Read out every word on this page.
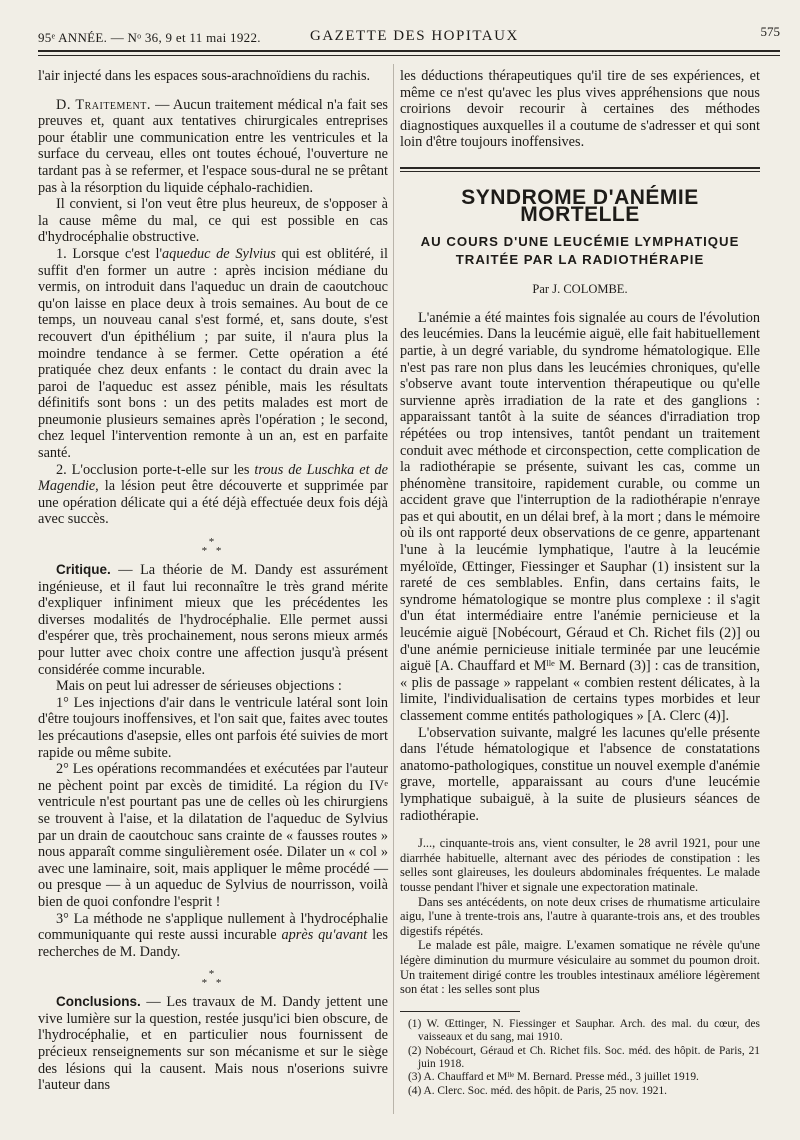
95ᵉ ANNÉE. — Nᵒ 36, 9 et 11 mai 1922.	GAZETTE DES HOPITAUX	575

l'air injecté dans les espaces sous-arachnoïdiens du rachis.

D. Traitement. — Aucun traitement médical n'a fait ses preuves et, quant aux tentatives chirurgicales entreprises pour établir une communication entre les ventricules et la surface du cerveau, elles ont toutes échoué, l'ouverture ne tardant pas à se refermer, et l'espace sous-dural ne se prêtant pas à la résorption du liquide céphalo-rachidien.

Il convient, si l'on veut être plus heureux, de s'opposer à la cause même du mal, ce qui est possible en cas d'hydrocéphalie obstructive.

1. Lorsque c'est l'aqueduc de Sylvius qui est oblitéré, il suffit d'en former un autre : après incision médiane du vermis, on introduit dans l'aqueduc un drain de caoutchouc qu'on laisse en place deux à trois semaines. Au bout de ce temps, un nouveau canal s'est formé, et, sans doute, s'est recouvert d'un épithélium ; par suite, il n'aura plus la moindre tendance à se fermer. Cette opération a été pratiquée chez deux enfants : le contact du drain avec la paroi de l'aqueduc est assez pénible, mais les résultats définitifs sont bons : un des petits malades est mort de pneumonie plusieurs semaines après l'opération ; le second, chez lequel l'intervention remonte à un an, est en parfaite santé.

2. L'occlusion porte-t-elle sur les trous de Luschka et de Magendie, la lésion peut être découverte et supprimée par une opération délicate qui a été déjà effectuée deux fois déjà avec succès.

*
* *

Critique. — La théorie de M. Dandy est assurément ingénieuse, et il faut lui reconnaître le très grand mérite d'expliquer infiniment mieux que les précédentes les diverses modalités de l'hydrocéphalie. Elle permet aussi d'espérer que, très prochainement, nous serons mieux armés pour lutter avec choix contre une affection jusqu'à présent considérée comme incurable.

Mais on peut lui adresser de sérieuses objections :

1° Les injections d'air dans le ventricule latéral sont loin d'être toujours inoffensives, et l'on sait que, faites avec toutes les précautions d'asepsie, elles ont parfois été suivies de mort rapide ou même subite.

2° Les opérations recommandées et exécutées par l'auteur ne pèchent point par excès de timidité. La région du IVᵉ ventricule n'est pourtant pas une de celles où les chirurgiens se trouvent à l'aise, et la dilatation de l'aqueduc de Sylvius par un drain de caoutchouc sans crainte de « fausses routes » nous apparaît comme singulièrement osée. Dilater un « col » avec une laminaire, soit, mais appliquer le même procédé — ou presque — à un aqueduc de Sylvius de nourrisson, voilà bien de quoi confondre l'esprit !

3° La méthode ne s'applique nullement à l'hydrocéphalie communiquante qui reste aussi incurable après qu'avant les recherches de M. Dandy.

*
* *

Conclusions. — Les travaux de M. Dandy jettent une vive lumière sur la question, restée jusqu'ici bien obscure, de l'hydrocéphalie, et en particulier nous fournissent de précieux renseignements sur son mécanisme et sur le siège des lésions qui la causent. Mais nous n'oserions suivre l'auteur dans

les déductions thérapeutiques qu'il tire de ses expériences, et même ce n'est qu'avec les plus vives appréhensions que nous croirions devoir recourir à certaines des méthodes diagnostiques auxquelles il a coutume de s'adresser et qui sont loin d'être toujours inoffensives.

SYNDROME D'ANÉMIE MORTELLE
AU COURS D'UNE LEUCÉMIE LYMPHATIQUE
TRAITÉE PAR LA RADIOTHÉRAPIE
Par J. COLOMBE.

L'anémie a été maintes fois signalée au cours de l'évolution des leucémies. Dans la leucémie aiguë, elle fait habituellement partie, à un degré variable, du syndrome hématologique. Elle n'est pas rare non plus dans les leucémies chroniques, qu'elle s'observe avant toute intervention thérapeutique ou qu'elle survienne après irradiation de la rate et des ganglions : apparaissant tantôt à la suite de séances d'irradiation trop répétées ou trop intensives, tantôt pendant un traitement conduit avec méthode et circonspection, cette complication de la radiothérapie se présente, suivant les cas, comme un phénomène transitoire, rapidement curable, ou comme un accident grave que l'interruption de la radiothérapie n'enraye pas et qui aboutit, en un délai bref, à la mort ; dans le mémoire où ils ont rapporté deux observations de ce genre, appartenant l'une à la leucémie lymphatique, l'autre à la leucémie myéloïde, Œttinger, Fiessinger et Sauphar (1) insistent sur la rareté de ces semblables. Enfin, dans certains faits, le syndrome hématologique se montre plus complexe : il s'agit d'un état intermédiaire entre l'anémie pernicieuse et la leucémie aiguë [Nobécourt, Géraud et Ch. Richet fils (2)] ou d'une anémie pernicieuse initiale terminée par une leucémie aiguë [A. Chauffard et Mˡˡᵉ M. Bernard (3)] : cas de transition, « plis de passage » rappelant « combien restent délicates, à la limite, l'individualisation de certains types morbides et leur classement comme entités pathologiques » [A. Clerc (4)].

L'observation suivante, malgré les lacunes qu'elle présente dans l'étude hématologique et l'absence de constatations anatomo-pathologiques, constitue un nouvel exemple d'anémie grave, mortelle, apparaissant au cours d'une leucémie lymphatique subaiguë, à la suite de plusieurs séances de radiothérapie.

J..., cinquante-trois ans, vient consulter, le 28 avril 1921, pour une diarrhée habituelle, alternant avec des périodes de constipation : les selles sont glaireuses, les douleurs abdominales fréquentes. Le malade tousse pendant l'hiver et signale une expectoration matinale.

Dans ses antécédents, on note deux crises de rhumatisme articulaire aigu, l'une à trente-trois ans, l'autre à quarante-trois ans, et des troubles digestifs répétés.

Le malade est pâle, maigre. L'examen somatique ne révèle qu'une légère diminution du murmure vésiculaire au sommet du poumon droit. Un traitement dirigé contre les troubles intestinaux améliore légèrement son état : les selles sont plus

(1) W. Œttinger, N. Fiessinger et Sauphar. Arch. des mal. du cœur, des vaisseaux et du sang, mai 1910.

(2) Nobécourt, Géraud et Ch. Richet fils. Soc. méd. des hôpit. de Paris, 21 juin 1918.

(3) A. Chauffard et Mˡˡᵉ M. Bernard. Presse méd., 3 juillet 1919.

(4) A. Clerc. Soc. méd. des hôpit. de Paris, 25 nov. 1921.
